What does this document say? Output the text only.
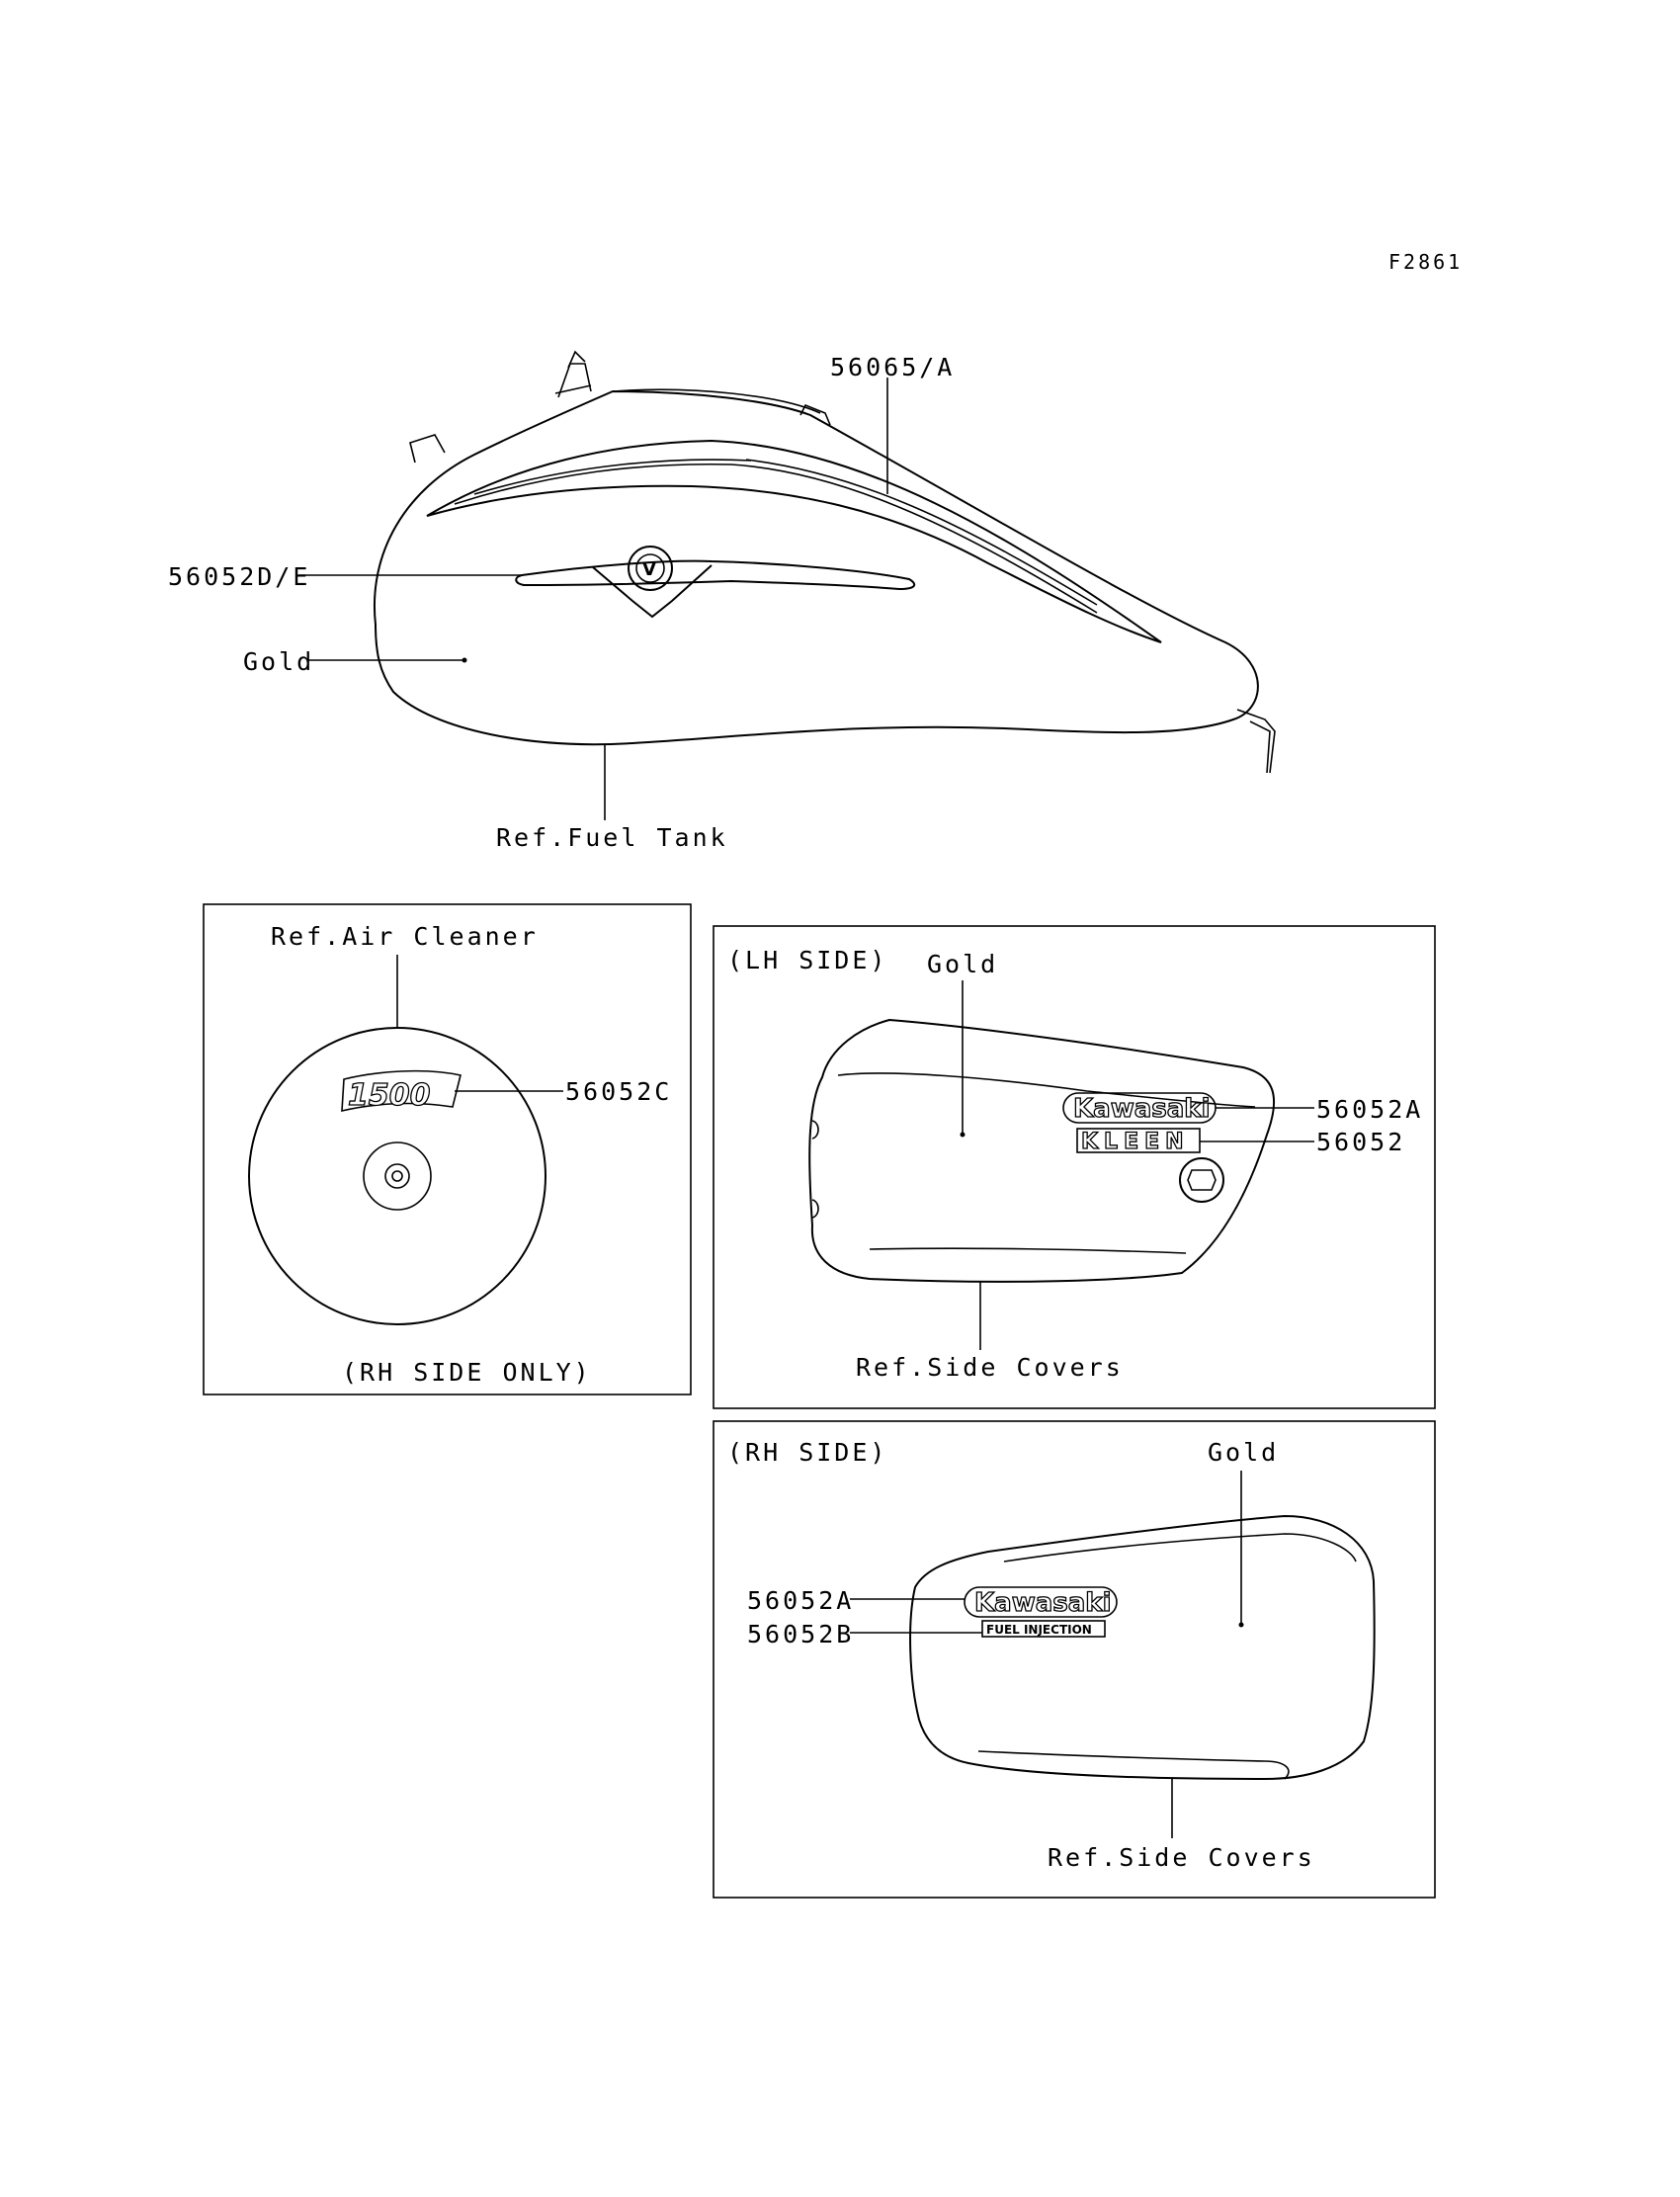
F2861
V
56065/A
56052D/E
Gold
Ref.Fuel Tank
Ref.Air Cleaner
1500	56052C
(RH SIDE ONLY)
(LH SIDE) Gold
Kawasaki
KLEEN
56052A
56052
Ref.Side Covers
(RH SIDE)	Gold
Kawasaki
FUEL INJECTION
56052A
56052B
Ref.Side Covers
